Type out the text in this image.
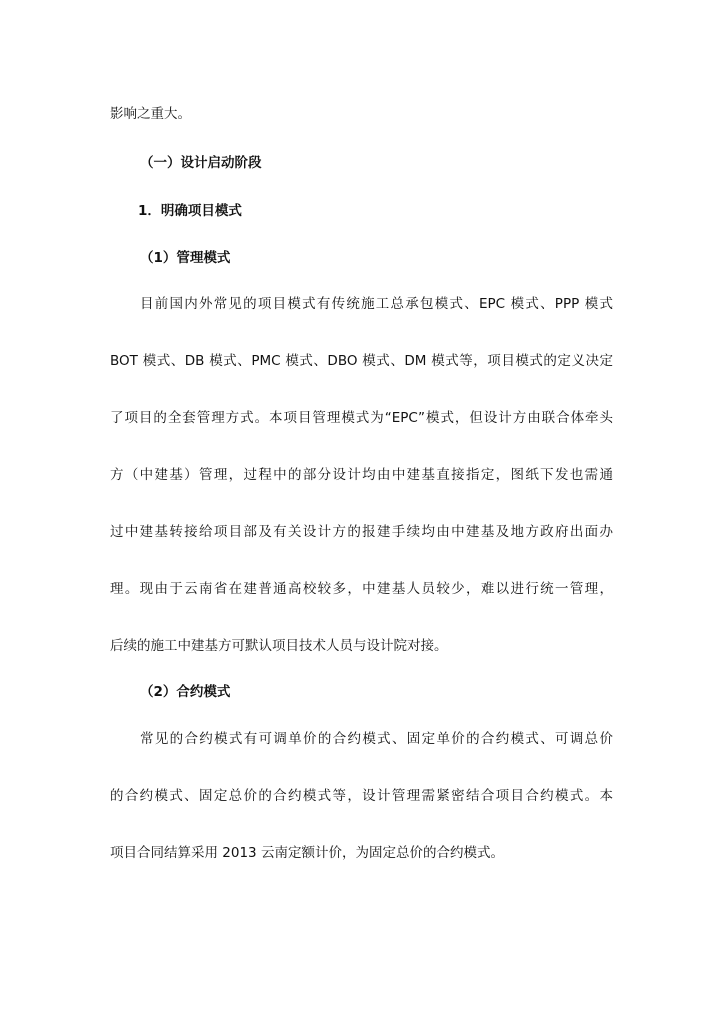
影响之重大。
（一）设计启动阶段
1．明确项目模式
（1）管理模式
目前国内外常见的项目模式有传统施工总承包模式、EPC 模式、PPP 模式
BOT 模式、DB 模式、PMC 模式、DBO 模式、DM 模式等，项目模式的定义决定
了项目的全套管理方式。本项目管理模式为“EPC”模式，但设计方由联合体牵头
方（中建基）管理，过程中的部分设计均由中建基直接指定，图纸下发也需通
过中建基转接给项目部及有关设计方的报建手续均由中建基及地方政府出面办
理。现由于云南省在建普通高校较多，中建基人员较少，难以进行统一管理，
后续的施工中建基方可默认项目技术人员与设计院对接。
（2）合约模式
常见的合约模式有可调单价的合约模式、固定单价的合约模式、可调总价
的合约模式、固定总价的合约模式等，设计管理需紧密结合项目合约模式。本
项目合同结算采用 2013 云南定额计价，为固定总价的合约模式。
